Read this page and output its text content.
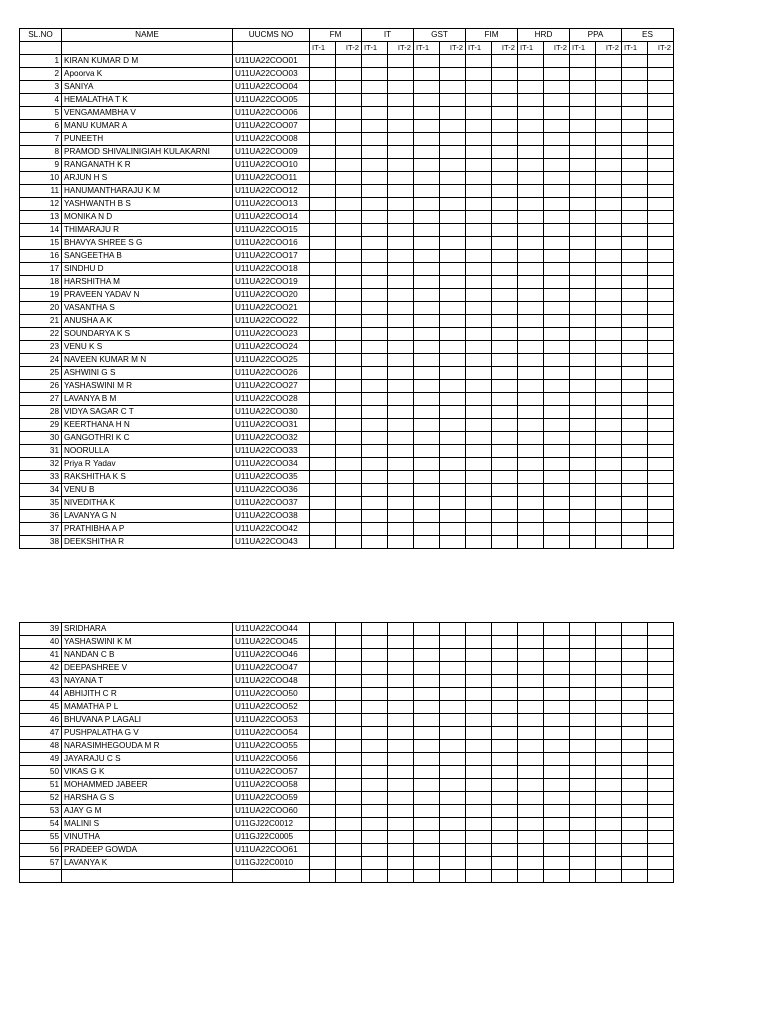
SL.NO	NAME	UUCMS NO	FM		IT		GST		FIM		HRD		PPA		ES	
			IT-1	IT-2	IT-1	IT-2	IT-1	IT-2	IT-1	IT-2	IT-1	IT-2	IT-1	IT-2	IT-1	IT-2
1	KIRAN KUMAR D M	U11UA22COO01														
2	Apoorva K	U11UA22COO03														
3	SANIYA	U11UA22COO04														
4	HEMALATHA T K	U11UA22COO05														
5	VENGAMAMBHA V	U11UA22COO06														
6	MANU KUMAR A	U11UA22COO07														
7	PUNEETH	U11UA22COO08														
8	PRAMOD SHIVALINIGIAH KULAKARNI	U11UA22COO09														
9	RANGANATH K R	U11UA22COO10														
10	ARJUN H S	U11UA22COO11														
11	HANUMANTHARAJU K M	U11UA22COO12														
12	YASHWANTH B S	U11UA22COO13														
13	MONIKA N D	U11UA22COO14														
14	THIMARAJU R	U11UA22COO15														
15	BHAVYA SHREE S G	U11UA22COO16														
16	SANGEETHA B	U11UA22COO17														
17	SINDHU D	U11UA22COO18														
18	HARSHITHA M	U11UA22COO19														
19	PRAVEEN YADAV N	U11UA22COO20														
20	VASANTHA S	U11UA22COO21														
21	ANUSHA A K	U11UA22COO22														
22	SOUNDARYA K S	U11UA22COO23														
23	VENU K S	U11UA22COO24														
24	NAVEEN KUMAR M N	U11UA22COO25														
25	ASHWINI G S	U11UA22COO26														
26	YASHASWINI M R	U11UA22COO27														
27	LAVANYA B M	U11UA22COO28														
28	VIDYA SAGAR C T	U11UA22COO30														
29	KEERTHANA H N	U11UA22COO31														
30	GANGOTHRI K C	U11UA22COO32														
31	NOORULLA	U11UA22COO33														
32	Priya R Yadav	U11UA22COO34														
33	RAKSHITHA K S	U11UA22COO35														
34	VENU B	U11UA22COO36														
35	NIVEDITHA K	U11UA22COO37														
36	LAVANYA G N	U11UA22COO38														
37	PRATHIBHA A P	U11UA22COO42														
38	DEEKSHITHA R	U11UA22COO43														
39	SRIDHARA	U11UA22COO44														
40	YASHASWINI K M	U11UA22COO45														
41	NANDAN C B	U11UA22COO46														
42	DEEPASHREE V	U11UA22COO47														
43	NAYANA T	U11UA22COO48														
44	ABHIJITH C R	U11UA22COO50														
45	MAMATHA P L	U11UA22COO52														
46	BHUVANA P LAGALI	U11UA22COO53														
47	PUSHPALATHA G V	U11UA22COO54														
48	NARASIMHEGOUDA M R	U11UA22COO55														
49	JAYARAJU C S	U11UA22COO56														
50	VIKAS G K	U11UA22COO57														
51	MOHAMMED JABEER	U11UA22COO58														
52	HARSHA G S	U11UA22COO59														
53	AJAY G M	U11UA22COO60														
54	MALINI S	U11GJ22C0012														
55	VINUTHA	U11GJ22C0005														
56	PRADEEP GOWDA	U11UA22COO61														
57	LAVANYA K	U11GJ22C0010														
